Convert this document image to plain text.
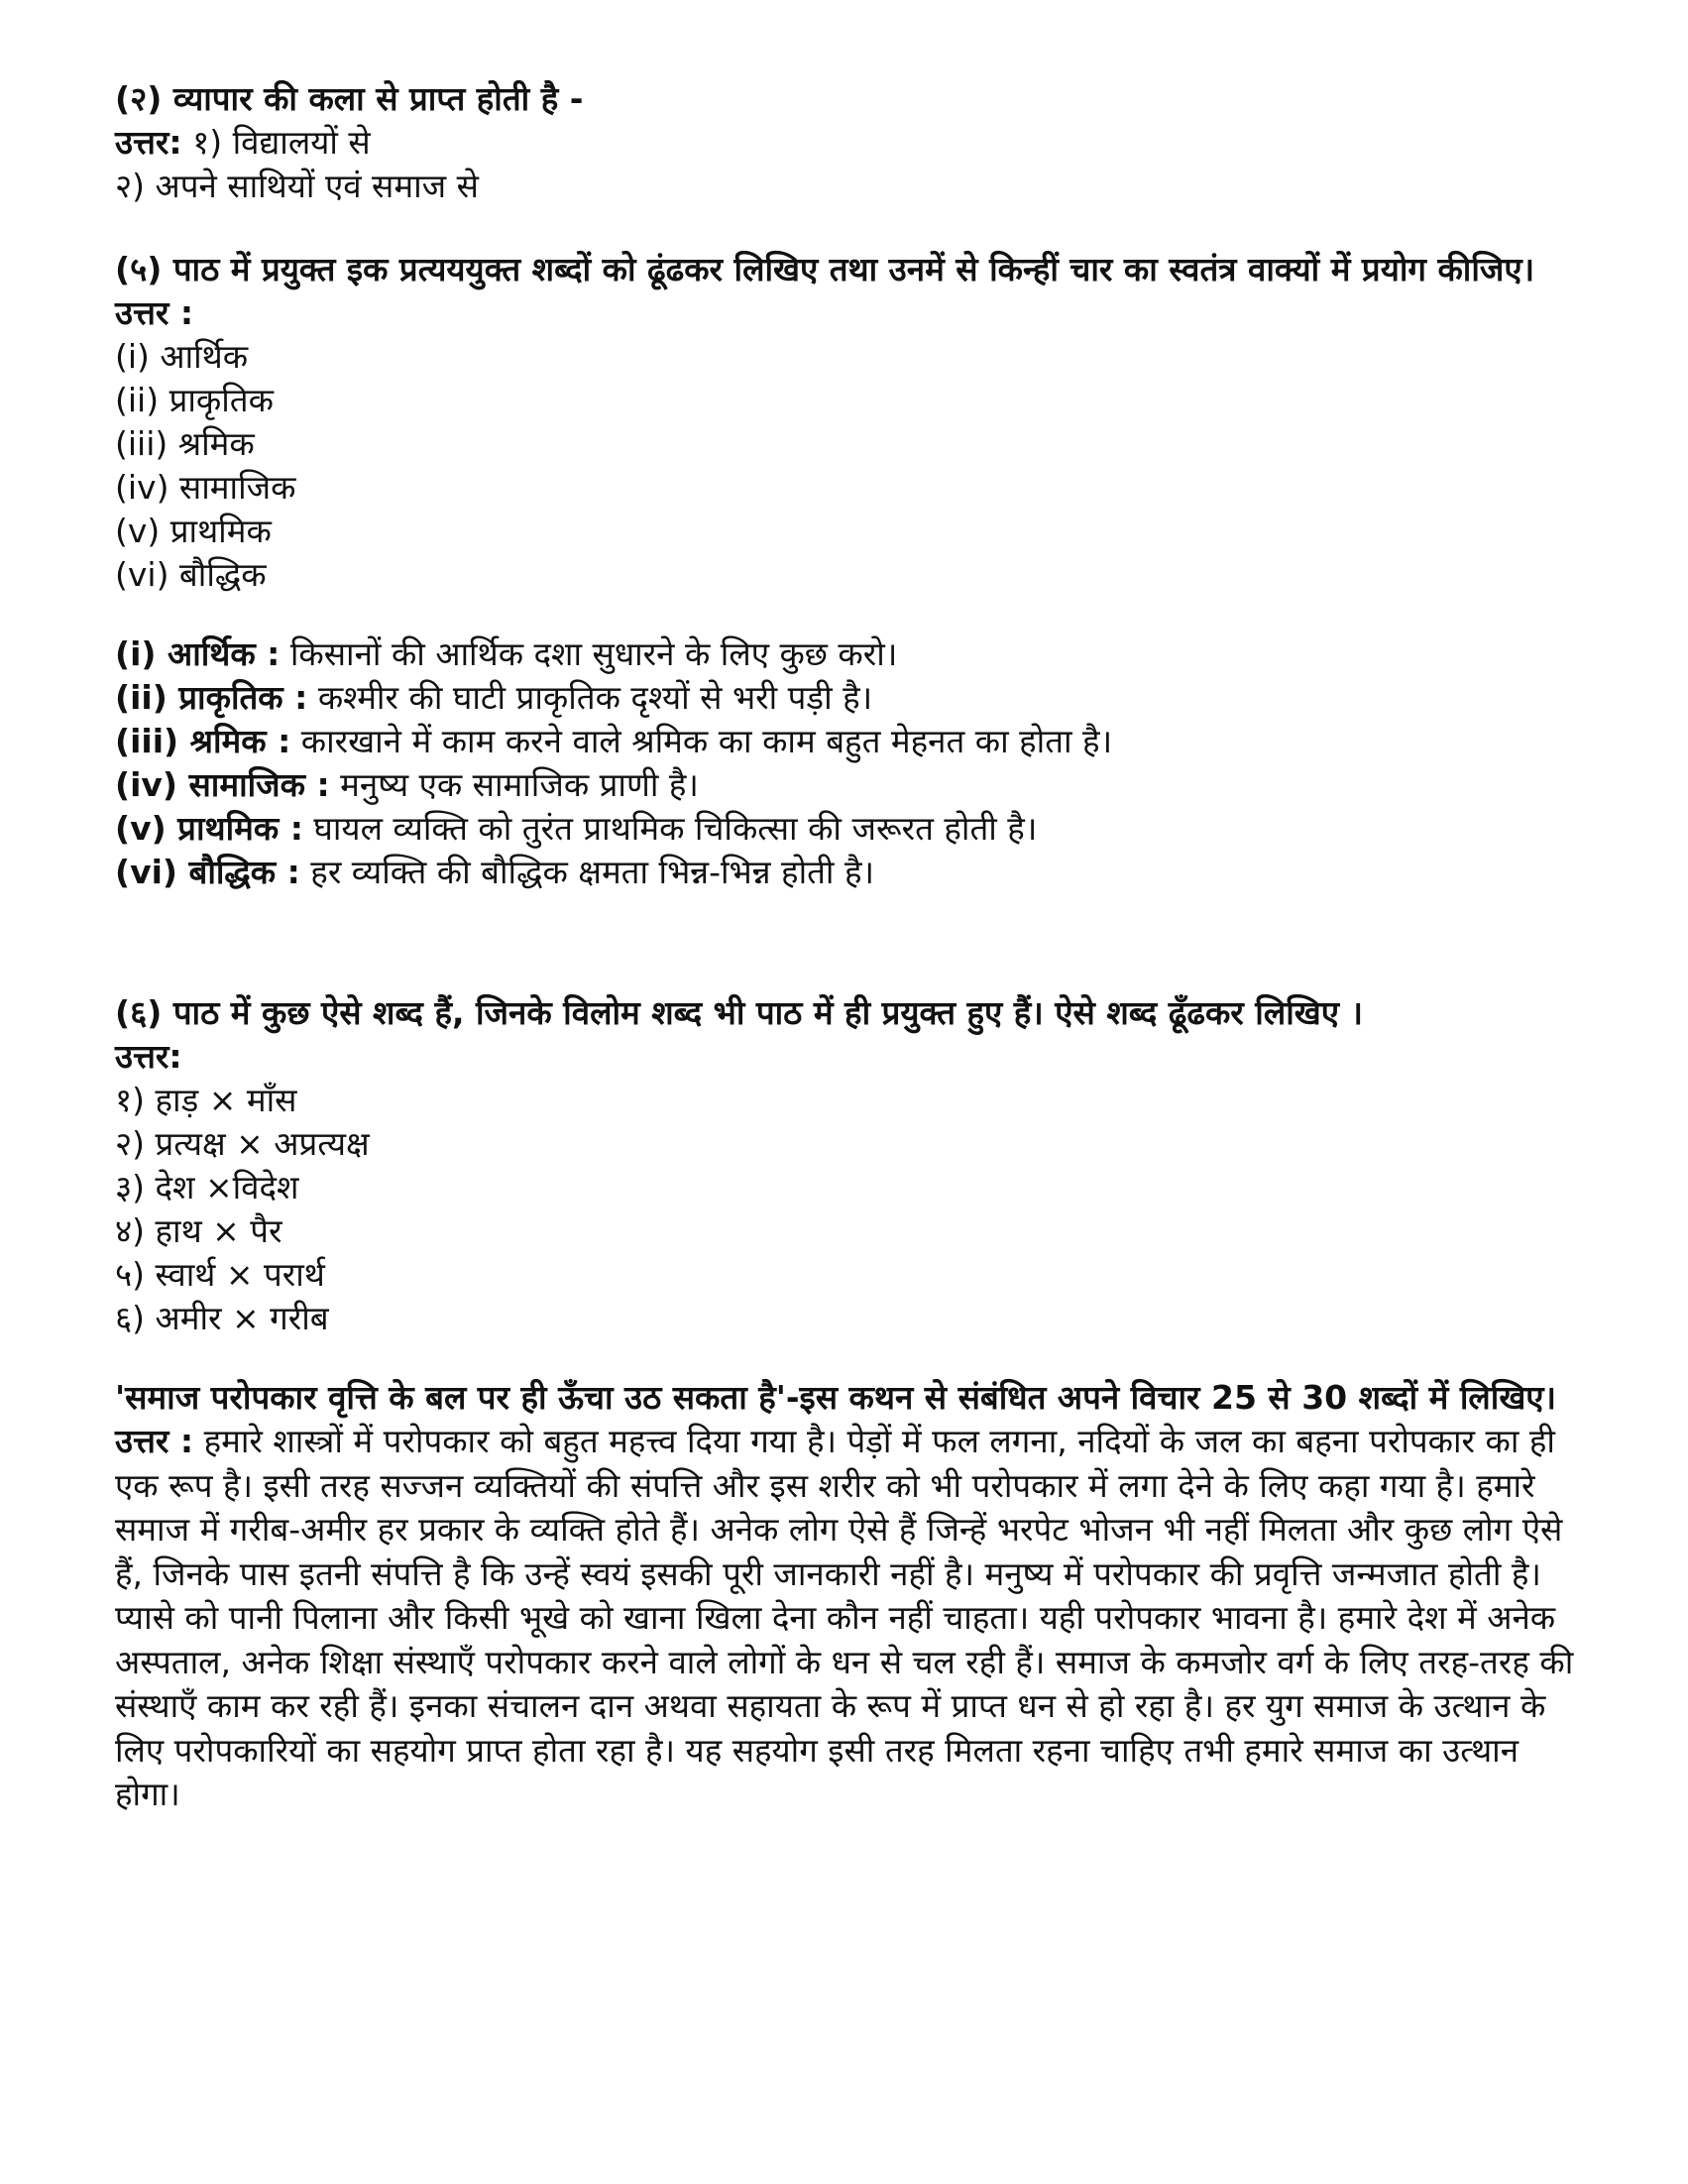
(२) व्यापार की कला से प्राप्त होती है -
उत्तर: १) विद्यालयों से
२) अपने साथियों एवं समाज से
(५) पाठ में प्रयुक्त इक प्रत्यययुक्त शब्दों को ढूंढकर लिखिए तथा उनमें से किन्हीं चार का स्वतंत्र वाक्यों में प्रयोग कीजिए।
उत्तर :
(i) आर्थिक
(ii) प्राकृतिक
(iii) श्रमिक
(iv) सामाजिक
(v) प्राथमिक
(vi) बौद्धिक
(i) आर्थिक : किसानों की आर्थिक दशा सुधारने के लिए कुछ करो।
(ii) प्राकृतिक : कश्मीर की घाटी प्राकृतिक दृश्यों से भरी पड़ी है।
(iii) श्रमिक : कारखाने में काम करने वाले श्रमिक का काम बहुत मेहनत का होता है।
(iv) सामाजिक : मनुष्य एक सामाजिक प्राणी है।
(v) प्राथमिक : घायल व्यक्ति को तुरंत प्राथमिक चिकित्सा की जरूरत होती है।
(vi) बौद्धिक : हर व्यक्ति की बौद्धिक क्षमता भिन्न-भिन्न होती है।
(६) पाठ में कुछ ऐसे शब्द हैं, जिनके विलोम शब्द भी पाठ में ही प्रयुक्त हुए हैं। ऐसे शब्द ढूँढकर लिखिए ।
उत्तर:
१) हाड़ × माँस
२) प्रत्यक्ष × अप्रत्यक्ष
३) देश ×विदेश
४) हाथ × पैर
५) स्वार्थ × परार्थ
६) अमीर × गरीब
'समाज परोपकार वृत्ति के बल पर ही ऊँचा उठ सकता है'-इस कथन से संबंधित अपने विचार 25 से 30 शब्दों में लिखिए।
उत्तर : हमारे शास्त्रों में परोपकार को बहुत महत्त्व दिया गया है। पेड़ों में फल लगना, नदियों के जल का बहना परोपकार का ही एक रूप है। इसी तरह सज्जन व्यक्तियों की संपत्ति और इस शरीर को भी परोपकार में लगा देने के लिए कहा गया है। हमारे समाज में गरीब-अमीर हर प्रकार के व्यक्ति होते हैं। अनेक लोग ऐसे हैं जिन्हें भरपेट भोजन भी नहीं मिलता और कुछ लोग ऐसे हैं, जिनके पास इतनी संपत्ति है कि उन्हें स्वयं इसकी पूरी जानकारी नहीं है। मनुष्य में परोपकार की प्रवृत्ति जन्मजात होती है। प्यासे को पानी पिलाना और किसी भूखे को खाना खिला देना कौन नहीं चाहता। यही परोपकार भावना है। हमारे देश में अनेक अस्पताल, अनेक शिक्षा संस्थाएँ परोपकार करने वाले लोगों के धन से चल रही हैं। समाज के कमजोर वर्ग के लिए तरह-तरह की संस्थाएँ काम कर रही हैं। इनका संचालन दान अथवा सहायता के रूप में प्राप्त धन से हो रहा है। हर युग समाज के उत्थान के लिए परोपकारियों का सहयोग प्राप्त होता रहा है। यह सहयोग इसी तरह मिलता रहना चाहिए तभी हमारे समाज का उत्थान होगा।
